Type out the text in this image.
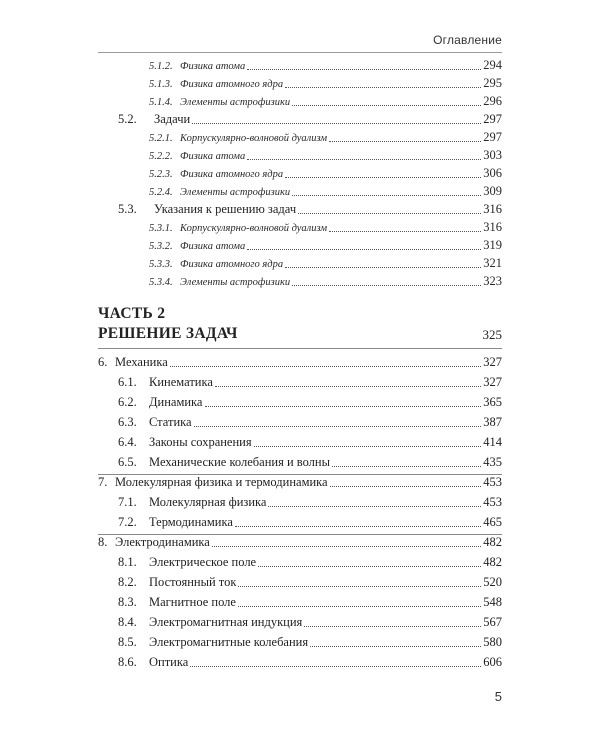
Оглавление
5.1.2. Физика атома	294
5.1.3. Физика атомного ядра	295
5.1.4. Элементы астрофизики	296
5.2.	Задачи	297
5.2.1. Корпускулярно-волновой дуализм	297
5.2.2. Физика атома	303
5.2.3. Физика атомного ядра	306
5.2.4. Элементы астрофизики	309
5.3.	Указания к решению задач	316
5.3.1. Корпускулярно-волновой дуализм	316
5.3.2. Физика атома	319
5.3.3. Физика атомного ядра	321
5.3.4. Элементы астрофизики	323
ЧАСТЬ 2
РЕШЕНИЕ ЗАДАЧ	325
6. Механика	327
6.1. Кинематика	327
6.2. Динамика	365
6.3. Статика	387
6.4. Законы сохранения	414
6.5. Механические колебания и волны	435
7. Молекулярная физика и термодинамика	453
7.1. Молекулярная физика	453
7.2. Термодинамика	465
8. Электродинамика	482
8.1. Электрическое поле	482
8.2. Постоянный ток	520
8.3. Магнитное поле	548
8.4. Электромагнитная индукция	567
8.5. Электромагнитные колебания	580
8.6. Оптика	606
5
